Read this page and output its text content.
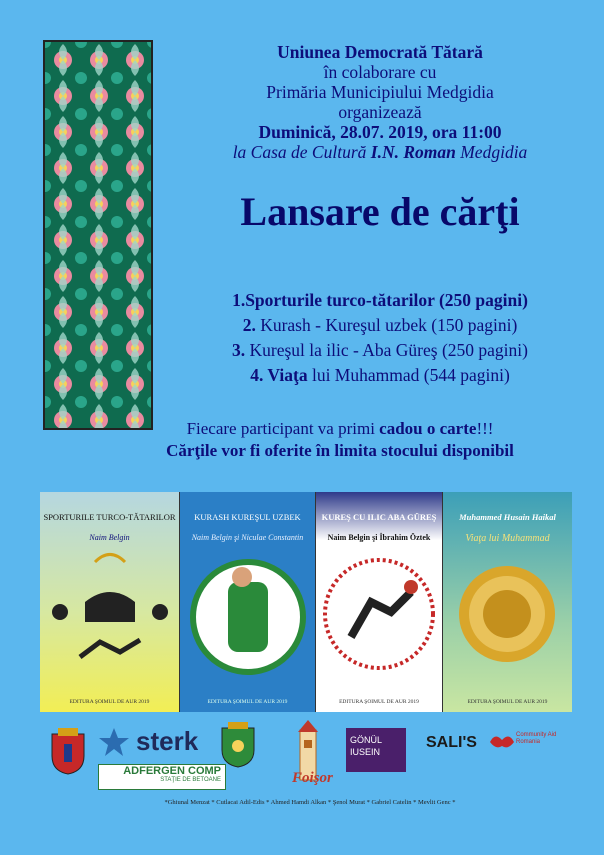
Uniunea Democrată Tătară
în colaborare cu
Primăria Municipiului Medgidia
organizează
Duminică, 28.07. 2019, ora 11:00
la Casa de Cultură I.N. Roman Medgidia
Lansare de cărţi
1.Sporturile turco-tătarilor (250 pagini)
2. Kurash - Kureşul uzbek (150 pagini)
3. Kureşul la ilic - Aba Güreş (250 pagini)
4. Viaţa lui Muhammad (544 pagini)
Fiecare participant va primi cadou o carte!!!
Cărţile vor fi oferite în limita stocului disponibil
SPORTURILE TURCO-TĂTARILOR
Naim Belgin
EDITURA ŞOIMUL DE AUR 2019
KURASH KUREŞUL UZBEK
Naim Belgin şi Niculae Constantin
EDITURA ŞOIMUL DE AUR 2019
KUREŞ CU ILIC ABA GÜREŞ
Naim Belgin şi İbrahim Öztek
EDITURA ŞOIMUL DE AUR 2019
Muhammed Husain Haikal
Viaţa lui Muhammad
EDITURA ŞOIMUL DE AUR 2019
sterk
ADFERGEN COMP
STAŢIE DE BETOANE	Foişor
GÖNÜL
IUSEIN
SALI'S	Community Aid Romania
*Ghiunal Menzat * Cutlacai Adil-Edis * Ahmed Hamdi Alkan * Şenol Murat * Gabriel Catelin * Mevlit Genc *
